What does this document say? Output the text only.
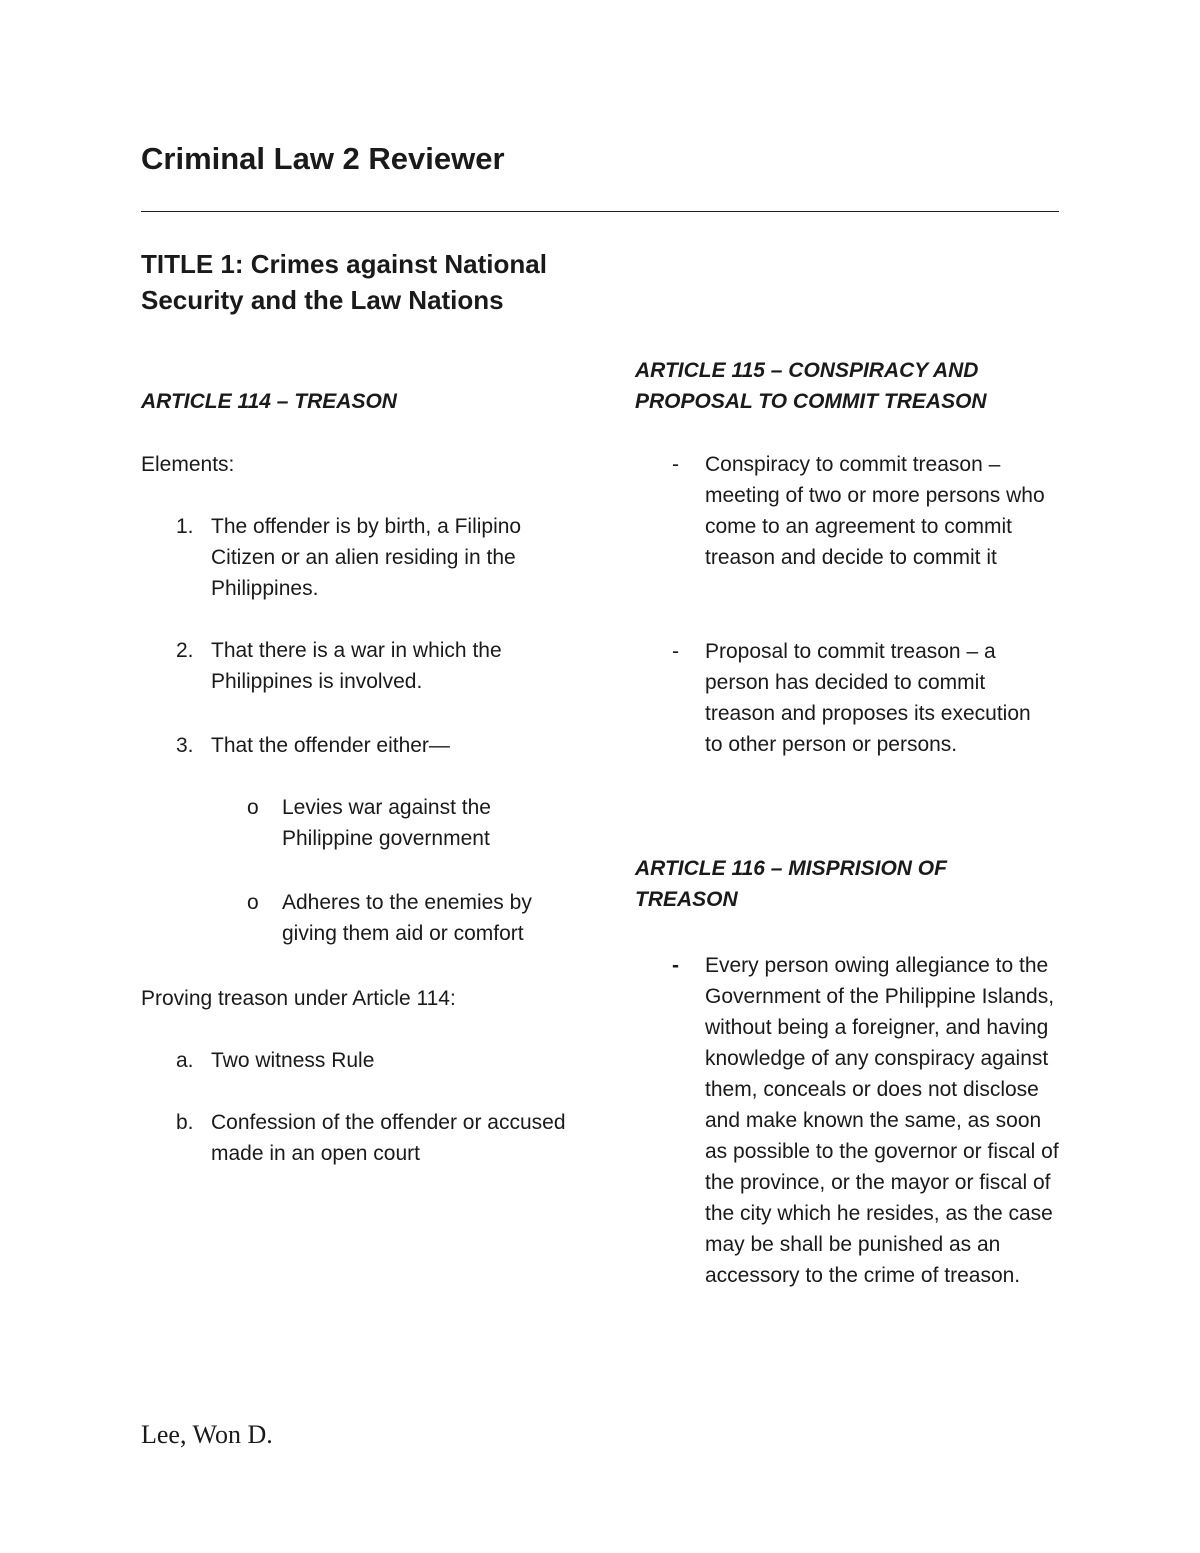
Criminal Law 2 Reviewer
TITLE 1: Crimes against National Security and the Law Nations

ARTICLE 114 – TREASON

Elements:

1. The offender is by birth, a Filipino Citizen or an alien residing in the Philippines.
2. That there is a war in which the Philippines is involved.
3. That the offender either—
o Levies war against the Philippine government
o Adheres to the enemies by giving them aid or comfort

Proving treason under Article 114:

a. Two witness Rule
b. Confession of the offender or accused made in an open court

ARTICLE 115 – CONSPIRACY AND PROPOSAL TO COMMIT TREASON

- Conspiracy to commit treason – meeting of two or more persons who come to an agreement to commit treason and decide to commit it
- Proposal to commit treason – a person has decided to commit treason and proposes its execution to other person or persons.

ARTICLE 116 – MISPRISION OF TREASON

- Every person owing allegiance to the Government of the Philippine Islands, without being a foreigner, and having knowledge of any conspiracy against them, conceals or does not disclose and make known the same, as soon as possible to the governor or fiscal of the province, or the mayor or fiscal of the city which he resides, as the case may be shall be punished as an accessory to the crime of treason.

Lee, Won D.
